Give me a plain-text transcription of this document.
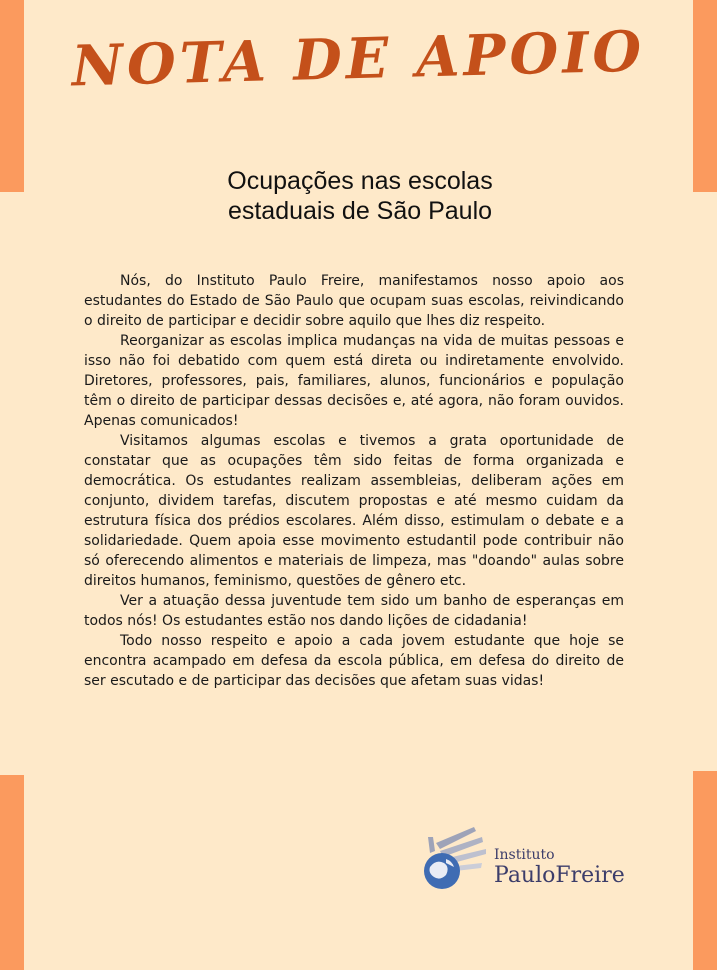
NOTA DE APOIO
Ocupações nas escolas
estaduais de São Paulo

Nós, do Instituto Paulo Freire, manifestamos nosso apoio aos estudantes do Estado de São Paulo que ocupam suas escolas, reivindicando o direito de participar e decidir sobre aquilo que lhes diz respeito.

Reorganizar as escolas implica mudanças na vida de muitas pessoas e isso não foi debatido com quem está direta ou indiretamente envolvido. Diretores, professores, pais, familiares, alunos, funcionários e população têm o direito de participar dessas decisões e, até agora, não foram ouvidos. Apenas comunicados!

Visitamos algumas escolas e tivemos a grata oportunidade de constatar que as ocupações têm sido feitas de forma organizada e democrática. Os estudantes realizam assembleias, deliberam ações em conjunto, dividem tarefas, discutem propostas e até mesmo cuidam da estrutura física dos prédios escolares. Além disso, estimulam o debate e a solidariedade. Quem apoia esse movimento estudantil pode contribuir não só oferecendo alimentos e materiais de limpeza, mas "doando" aulas sobre direitos humanos, feminismo, questões de gênero etc.

Ver a atuação dessa juventude tem sido um banho de esperanças em todos nós! Os estudantes estão nos dando lições de cidadania!

Todo nosso respeito e apoio a cada jovem estudante que hoje se encontra acampado em defesa da escola pública, em defesa do direito de ser escutado e de participar das decisões que afetam suas vidas!

Instituto
PauloFreire
